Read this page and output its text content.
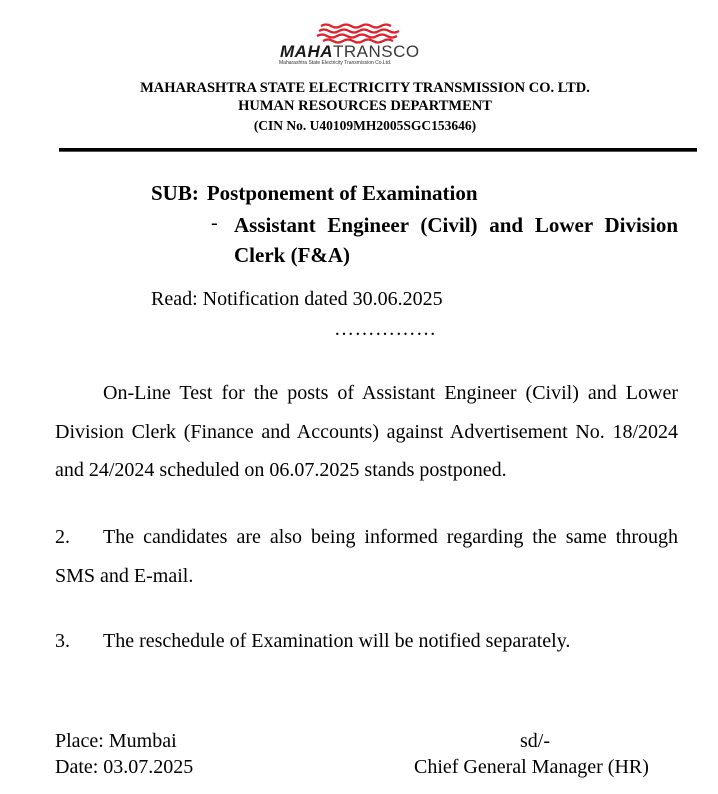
MAHATRANSCO
Maharashtra State Electricity Transmission Co.Ltd.
MAHARASHTRA STATE ELECTRICITY TRANSMISSION CO. LTD.
HUMAN RESOURCES DEPARTMENT
(CIN No. U40109MH2005SGC153646)
SUB: Postponement of Examination
- Assistant Engineer (Civil) and Lower Division Clerk (F&A)
Read: Notification dated 30.06.2025
……………
On-Line Test for the posts of Assistant Engineer (Civil) and Lower Division Clerk (Finance and Accounts) against Advertisement No. 18/2024 and 24/2024 scheduled on 06.07.2025 stands postponed.
2. The candidates are also being informed regarding the same through SMS and E-mail.
3. The reschedule of Examination will be notified separately.
Place: Mumbai
Date: 03.07.2025
sd/-
Chief General Manager (HR)
